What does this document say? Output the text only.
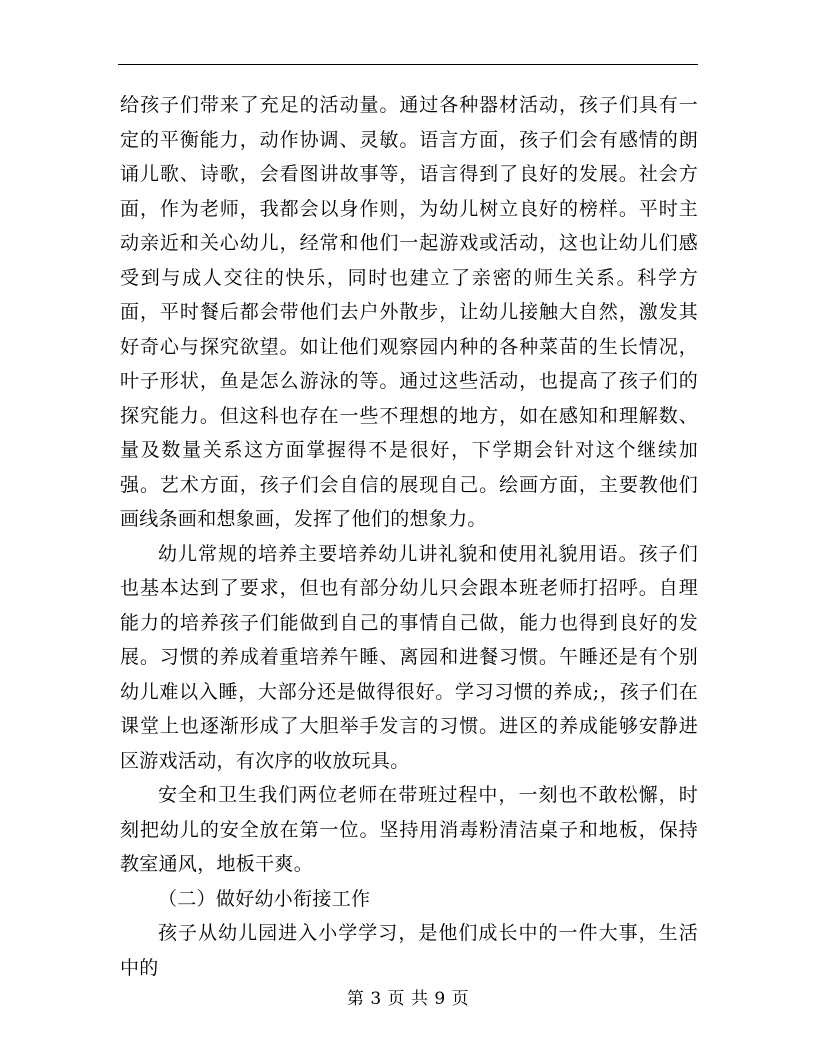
给孩子们带来了充足的活动量。通过各种器材活动，孩子们具有一定的平衡能力，动作协调、灵敏。语言方面，孩子们会有感情的朗诵儿歌、诗歌，会看图讲故事等，语言得到了良好的发展。社会方面，作为老师，我都会以身作则，为幼儿树立良好的榜样。平时主动亲近和关心幼儿，经常和他们一起游戏或活动，这也让幼儿们感受到与成人交往的快乐，同时也建立了亲密的师生关系。科学方面，平时餐后都会带他们去户外散步，让幼儿接触大自然，激发其好奇心与探究欲望。如让他们观察园内种的各种菜苗的生长情况，叶子形状，鱼是怎么游泳的等。通过这些活动，也提高了孩子们的探究能力。但这科也存在一些不理想的地方，如在感知和理解数、量及数量关系这方面掌握得不是很好，下学期会针对这个继续加强。艺术方面，孩子们会自信的展现自己。绘画方面，主要教他们画线条画和想象画，发挥了他们的想象力。

幼儿常规的培养主要培养幼儿讲礼貌和使用礼貌用语。孩子们也基本达到了要求，但也有部分幼儿只会跟本班老师打招呼。自理能力的培养孩子们能做到自己的事情自己做，能力也得到良好的发展。习惯的养成着重培养午睡、离园和进餐习惯。午睡还是有个别幼儿难以入睡，大部分还是做得很好。学习习惯的养成;，孩子们在课堂上也逐渐形成了大胆举手发言的习惯。进区的养成能够安静进区游戏活动，有次序的收放玩具。

安全和卫生我们两位老师在带班过程中，一刻也不敢松懈，时刻把幼儿的安全放在第一位。坚持用消毒粉清洁桌子和地板，保持教室通风，地板干爽。

（二）做好幼小衔接工作

孩子从幼儿园进入小学学习，是他们成长中的一件大事，生活中的

第 3 页 共 9 页
